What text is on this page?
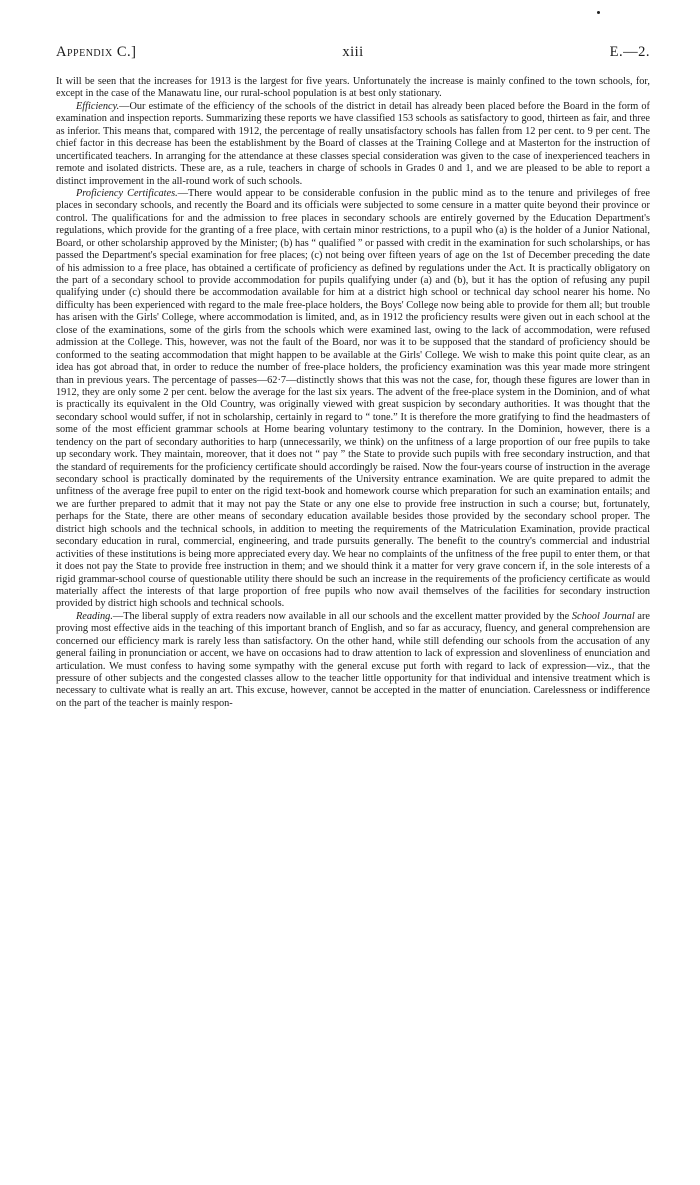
Appendix C.]	xiii	E.—2.

It will be seen that the increases for 1913 is the largest for five years. Unfortunately the increase is mainly confined to the town schools, for, except in the case of the Manawatu line, our rural-school population is at best only stationary.

Efficiency.—Our estimate of the efficiency of the schools of the district in detail has already been placed before the Board in the form of examination and inspection reports. Summarizing these reports we have classified 153 schools as satisfactory to good, thirteen as fair, and three as inferior. This means that, compared with 1912, the percentage of really unsatisfactory schools has fallen from 12 per cent. to 9 per cent. The chief factor in this decrease has been the establishment by the Board of classes at the Training College and at Masterton for the instruction of uncertificated teachers. In arranging for the attendance at these classes special consideration was given to the case of inexperienced teachers in remote and isolated districts. These are, as a rule, teachers in charge of schools in Grades 0 and 1, and we are pleased to be able to report a distinct improvement in the all-round work of such schools.

Proficiency Certificates.—There would appear to be considerable confusion in the public mind as to the tenure and privileges of free places in secondary schools, and recently the Board and its officials were subjected to some censure in a matter quite beyond their province or control. The qualifications for and the admission to free places in secondary schools are entirely governed by the Education Department's regulations, which provide for the granting of a free place, with certain minor restrictions, to a pupil who (a) is the holder of a Junior National, Board, or other scholarship approved by the Minister; (b) has “ qualified ” or passed with credit in the examination for such scholarships, or has passed the Department's special examination for free places; (c) not being over fifteen years of age on the 1st of December preceding the date of his admission to a free place, has obtained a certificate of proficiency as defined by regulations under the Act. It is practically obligatory on the part of a secondary school to provide accommodation for pupils qualifying under (a) and (b), but it has the option of refusing any pupil qualifying under (c) should there be accommodation available for him at a district high school or technical day school nearer his home. No difficulty has been experienced with regard to the male free-place holders, the Boys' College now being able to provide for them all; but trouble has arisen with the Girls' College, where accommodation is limited, and, as in 1912 the proficiency results were given out in each school at the close of the examinations, some of the girls from the schools which were examined last, owing to the lack of accommodation, were refused admission at the College. This, however, was not the fault of the Board, nor was it to be supposed that the standard of proficiency should be conformed to the seating accommodation that might happen to be available at the Girls' College. We wish to make this point quite clear, as an idea has got abroad that, in order to reduce the number of free-place holders, the proficiency examination was this year made more stringent than in previous years. The percentage of passes—62·7—distinctly shows that this was not the case, for, though these figures are lower than in 1912, they are only some 2 per cent. below the average for the last six years. The advent of the free-place system in the Dominion, and of what is practically its equivalent in the Old Country, was originally viewed with great suspicion by secondary authorities. It was thought that the secondary school would suffer, if not in scholarship, certainly in regard to “ tone.” It is therefore the more gratifying to find the headmasters of some of the most efficient grammar schools at Home bearing voluntary testimony to the contrary. In the Dominion, however, there is a tendency on the part of secondary authorities to harp (unnecessarily, we think) on the unfitness of a large proportion of our free pupils to take up secondary work. They maintain, moreover, that it does not “ pay ” the State to provide such pupils with free secondary instruction, and that the standard of requirements for the proficiency certificate should accordingly be raised. Now the four-years course of instruction in the average secondary school is practically dominated by the requirements of the University entrance examination. We are quite prepared to admit the unfitness of the average free pupil to enter on the rigid text-book and homework course which preparation for such an examination entails; and we are further prepared to admit that it may not pay the State or any one else to provide free instruction in such a course; but, fortunately, perhaps for the State, there are other means of secondary education available besides those provided by the secondary school proper. The district high schools and the technical schools, in addition to meeting the requirements of the Matriculation Examination, provide practical secondary education in rural, commercial, engineering, and trade pursuits generally. The benefit to the country's commercial and industrial activities of these institutions is being more appreciated every day. We hear no complaints of the unfitness of the free pupil to enter them, or that it does not pay the State to provide free instruction in them; and we should think it a matter for very grave concern if, in the sole interests of a rigid grammar-school course of questionable utility there should be such an increase in the requirements of the proficiency certificate as would materially affect the interests of that large proportion of free pupils who now avail themselves of the facilities for secondary instruction provided by district high schools and technical schools.

Reading.—The liberal supply of extra readers now available in all our schools and the excellent matter provided by the School Journal are proving most effective aids in the teaching of this important branch of English, and so far as accuracy, fluency, and general comprehension are concerned our efficiency mark is rarely less than satisfactory. On the other hand, while still defending our schools from the accusation of any general failing in pronunciation or accent, we have on occasions had to draw attention to lack of expression and slovenliness of enunciation and articulation. We must confess to having some sympathy with the general excuse put forth with regard to lack of expression—viz., that the pressure of other subjects and the congested classes allow to the teacher little opportunity for that individual and intensive treatment which is necessary to cultivate what is really an art. This excuse, however, cannot be accepted in the matter of enunciation. Carelessness or indifference on the part of the teacher is mainly respon-
